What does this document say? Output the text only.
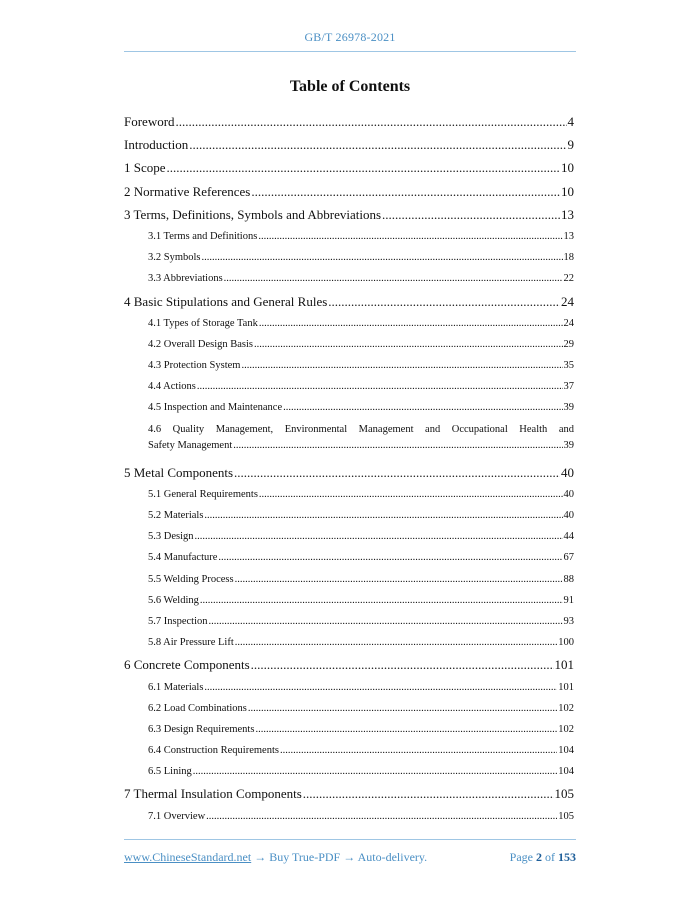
GB/T 26978-2021
Table of Contents
Foreword .....	4
Introduction .....	9
1 Scope .....	10
2 Normative References .....	10
3 Terms, Definitions, Symbols and Abbreviations .....	13
3.1 Terms and Definitions .....	13
3.2 Symbols .....	18
3.3 Abbreviations .....	22
4 Basic Stipulations and General Rules .....	24
4.1 Types of Storage Tank .....	24
4.2 Overall Design Basis .....	29
4.3 Protection System .....	35
4.4 Actions .....	37
4.5 Inspection and Maintenance .....	39
4.6 Quality Management, Environmental Management and Occupational Health and
Safety Management .....	39
5 Metal Components .....	40
5.1 General Requirements .....	40
5.2 Materials .....	40
5.3 Design .....	44
5.4 Manufacture .....	67
5.5 Welding Process .....	88
5.6 Welding .....	91
5.7 Inspection .....	93
5.8 Air Pressure Lift .....	100
6 Concrete Components .....	101
6.1 Materials .....	101
6.2 Load Combinations .....	102
6.3 Design Requirements .....	102
6.4 Construction Requirements .....	104
6.5 Lining .....	104
7 Thermal Insulation Components .....	105
7.1 Overview .....	105
www.ChineseStandard.net → Buy True-PDF → Auto-delivery.	Page 2 of 153
